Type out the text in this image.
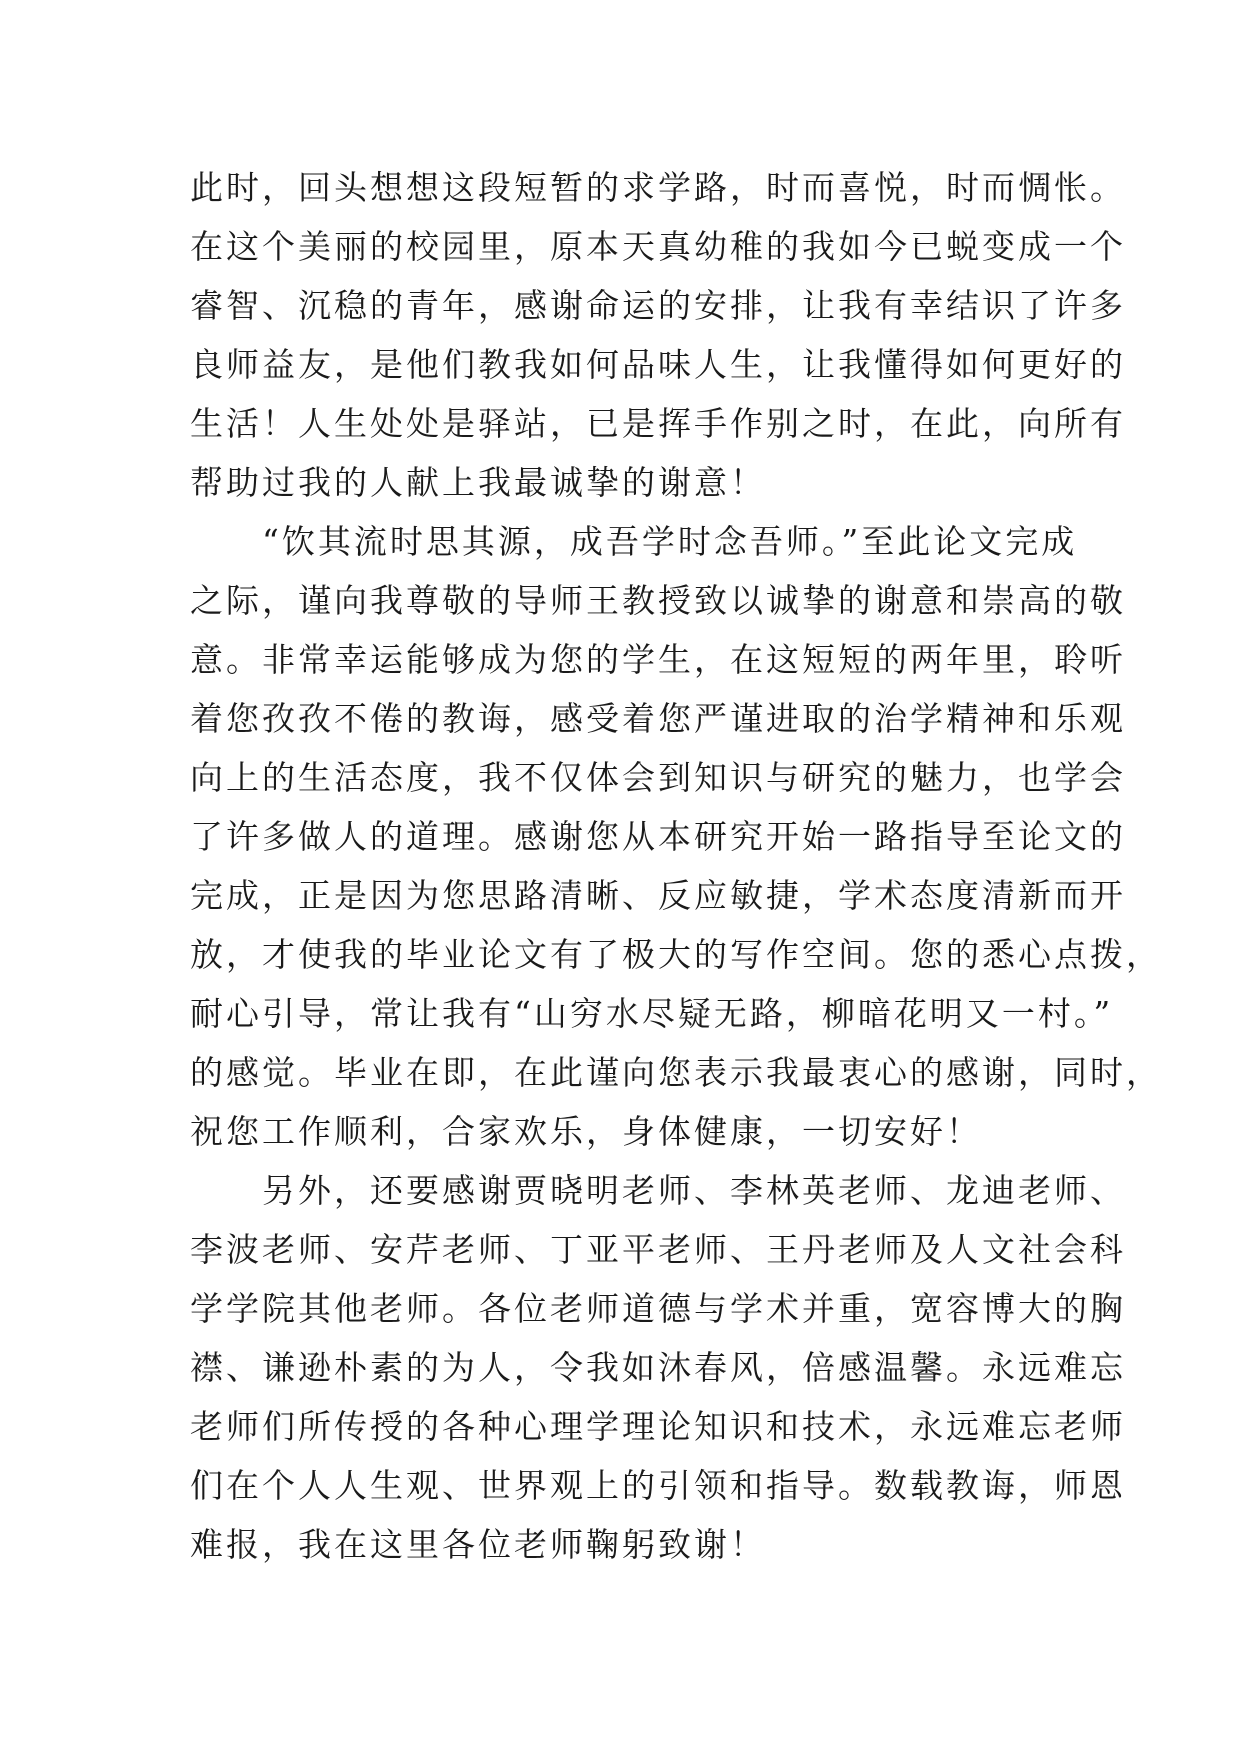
此时，回头想想这段短暂的求学路，时而喜悦，时而惆怅。
在这个美丽的校园里，原本天真幼稚的我如今已蜕变成一个
睿智、沉稳的青年，感谢命运的安排，让我有幸结识了许多
良师益友，是他们教我如何品味人生，让我懂得如何更好的
生活！人生处处是驿站，已是挥手作别之时，在此，向所有
帮助过我的人献上我最诚挚的谢意！
“饮其流时思其源，成吾学时念吾师。”至此论文完成
之际，谨向我尊敬的导师王教授致以诚挚的谢意和崇高的敬
意。非常幸运能够成为您的学生，在这短短的两年里，聆听
着您孜孜不倦的教诲，感受着您严谨进取的治学精神和乐观
向上的生活态度，我不仅体会到知识与研究的魅力，也学会
了许多做人的道理。感谢您从本研究开始一路指导至论文的
完成，正是因为您思路清晰、反应敏捷，学术态度清新而开
放，才使我的毕业论文有了极大的写作空间。您的悉心点拨，
耐心引导，常让我有“山穷水尽疑无路，柳暗花明又一村。”
的感觉。毕业在即，在此谨向您表示我最衷心的感谢，同时，
祝您工作顺利，合家欢乐，身体健康，一切安好！
另外，还要感谢贾晓明老师、李林英老师、龙迪老师、
李波老师、安芹老师、丁亚平老师、王丹老师及人文社会科
学学院其他老师。各位老师道德与学术并重，宽容博大的胸
襟、谦逊朴素的为人，令我如沐春风，倍感温馨。永远难忘
老师们所传授的各种心理学理论知识和技术，永远难忘老师
们在个人人生观、世界观上的引领和指导。数载教诲，师恩
难报，我在这里各位老师鞠躬致谢！
